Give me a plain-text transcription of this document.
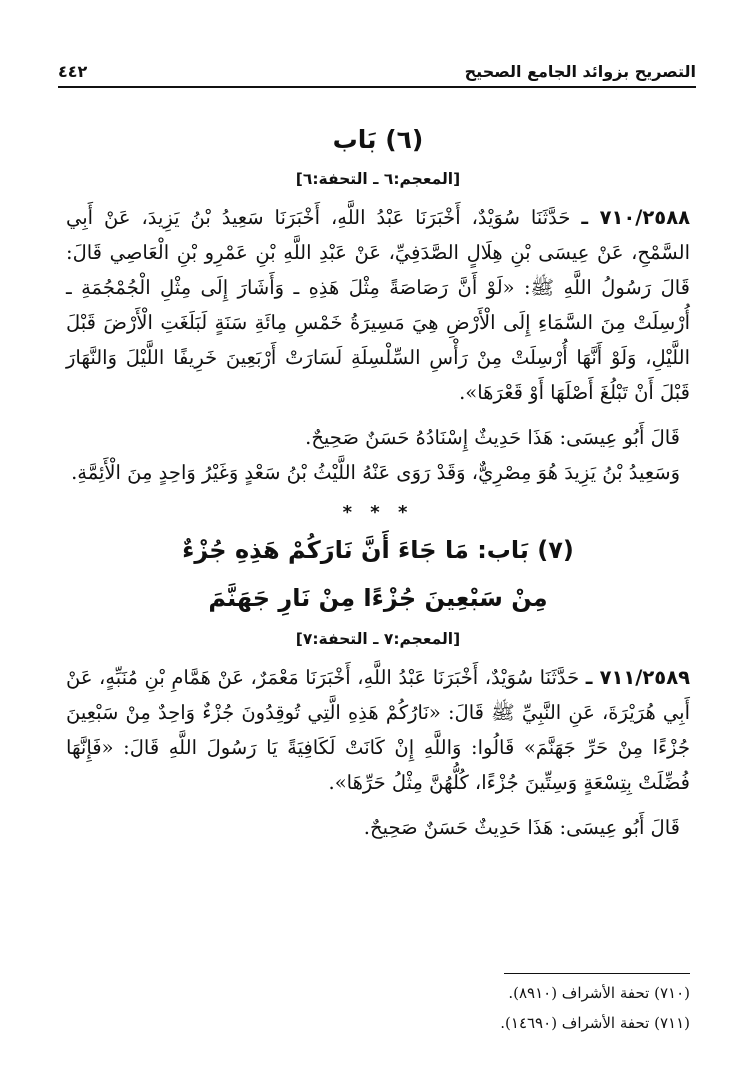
التصريح بزوائد الجامع الصحيح
٤٤٢
(٦) بَاب
[المعجم:٦ ـ التحفة:٦]

٧١٠/٢٥٨٨ ـ حَدَّثَنَا سُوَيْدٌ، أَخْبَرَنَا عَبْدُ اللَّهِ، أَخْبَرَنَا سَعِيدُ بْنُ يَزِيدَ، عَنْ أَبِي السَّمْحِ، عَنْ عِيسَى بْنِ هِلَالٍ الصَّدَفِيِّ، عَنْ عَبْدِ اللَّهِ بْنِ عَمْرِو بْنِ الْعَاصِي قَالَ: قَالَ رَسُولُ اللَّهِ ﷺ: «لَوْ أَنَّ رَصَاصَةً مِثْلَ هَذِهِ ـ وَأَشَارَ إِلَى مِثْلِ الْجُمْجُمَةِ ـ أُرْسِلَتْ مِنَ السَّمَاءِ إِلَى الْأَرْضِ هِيَ مَسِيرَةُ خَمْسِ مِائَةِ سَنَةٍ لَبَلَغَتِ الْأَرْضَ قَبْلَ اللَّيْلِ، وَلَوْ أَنَّهَا أُرْسِلَتْ مِنْ رَأْسِ السِّلْسِلَةِ لَسَارَتْ أَرْبَعِينَ خَرِيفًا اللَّيْلَ وَالنَّهَارَ قَبْلَ أَنْ تَبْلُغَ أَصْلَهَا أَوْ قَعْرَهَا».

قَالَ أَبُو عِيسَى: هَذَا حَدِيثٌ إِسْنَادُهُ حَسَنٌ صَحِيحٌ.

وَسَعِيدُ بْنُ يَزِيدَ هُوَ مِصْرِيٌّ، وَقَدْ رَوَى عَنْهُ اللَّيْثُ بْنُ سَعْدٍ وَغَيْرُ وَاحِدٍ مِنَ الْأَئِمَّةِ.

* * *
(٧) بَاب: مَا جَاءَ أَنَّ نَارَكُمْ هَذِهِ جُزْءٌ
مِنْ سَبْعِينَ جُزْءًا مِنْ نَارِ جَهَنَّمَ
[المعجم:٧ ـ التحفة:٧]

٧١١/٢٥٨٩ ـ حَدَّثَنَا سُوَيْدٌ، أَخْبَرَنَا عَبْدُ اللَّهِ، أَخْبَرَنَا مَعْمَرٌ، عَنْ هَمَّامِ بْنِ مُنَبِّهٍ، عَنْ أَبِي هُرَيْرَةَ، عَنِ النَّبِيِّ ﷺ قَالَ: «نَارُكُمْ هَذِهِ الَّتِي تُوقِدُونَ جُزْءٌ وَاحِدٌ مِنْ سَبْعِينَ جُزْءًا مِنْ حَرِّ جَهَنَّمَ» قَالُوا: وَاللَّهِ إِنْ كَانَتْ لَكَافِيَةً يَا رَسُولَ اللَّهِ قَالَ: «فَإِنَّهَا فُضِّلَتْ بِتِسْعَةٍ وَسِتِّينَ جُزْءًا، كُلُّهُنَّ مِثْلُ حَرِّهَا».

قَالَ أَبُو عِيسَى: هَذَا حَدِيثٌ حَسَنٌ صَحِيحٌ.

(٧١٠) تحفة الأشراف (٨٩١٠).
(٧١١) تحفة الأشراف (١٤٦٩٠).
